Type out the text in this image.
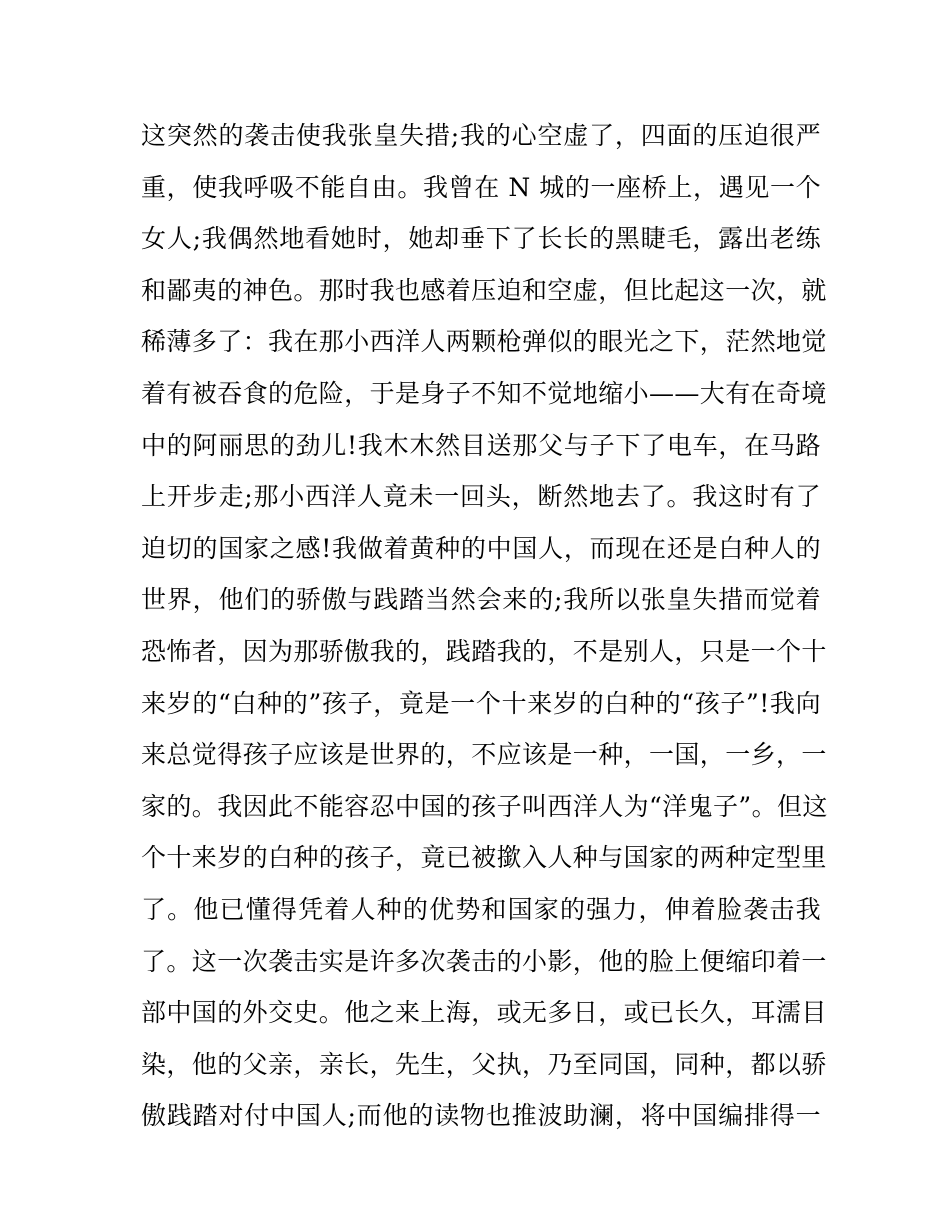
这突然的袭击使我张皇失措;我的心空虚了，四面的压迫很严
重，使我呼吸不能自由。我曾在 N 城的一座桥上，遇见一个
女人;我偶然地看她时，她却垂下了长长的黑睫毛，露出老练
和鄙夷的神色。那时我也感着压迫和空虚，但比起这一次，就
稀薄多了：我在那小西洋人两颗枪弹似的眼光之下，茫然地觉
着有被吞食的危险，于是身子不知不觉地缩小——大有在奇境
中的阿丽思的劲儿!我木木然目送那父与子下了电车，在马路
上开步走;那小西洋人竟未一回头，断然地去了。我这时有了
迫切的国家之感!我做着黄种的中国人，而现在还是白种人的
世界，他们的骄傲与践踏当然会来的;我所以张皇失措而觉着
恐怖者，因为那骄傲我的，践踏我的，不是别人，只是一个十
来岁的“白种的”孩子，竟是一个十来岁的白种的“孩子”!我向
来总觉得孩子应该是世界的，不应该是一种，一国，一乡，一
家的。我因此不能容忍中国的孩子叫西洋人为“洋鬼子”。但这
个十来岁的白种的孩子，竟已被撳入人种与国家的两种定型里
了。他已懂得凭着人种的优势和国家的强力，伸着脸袭击我
了。这一次袭击实是许多次袭击的小影，他的脸上便缩印着一
部中国的外交史。他之来上海，或无多日，或已长久，耳濡目
染，他的父亲，亲长，先生，父执，乃至同国，同种，都以骄
傲践踏对付中国人;而他的读物也推波助澜，将中国编排得一
